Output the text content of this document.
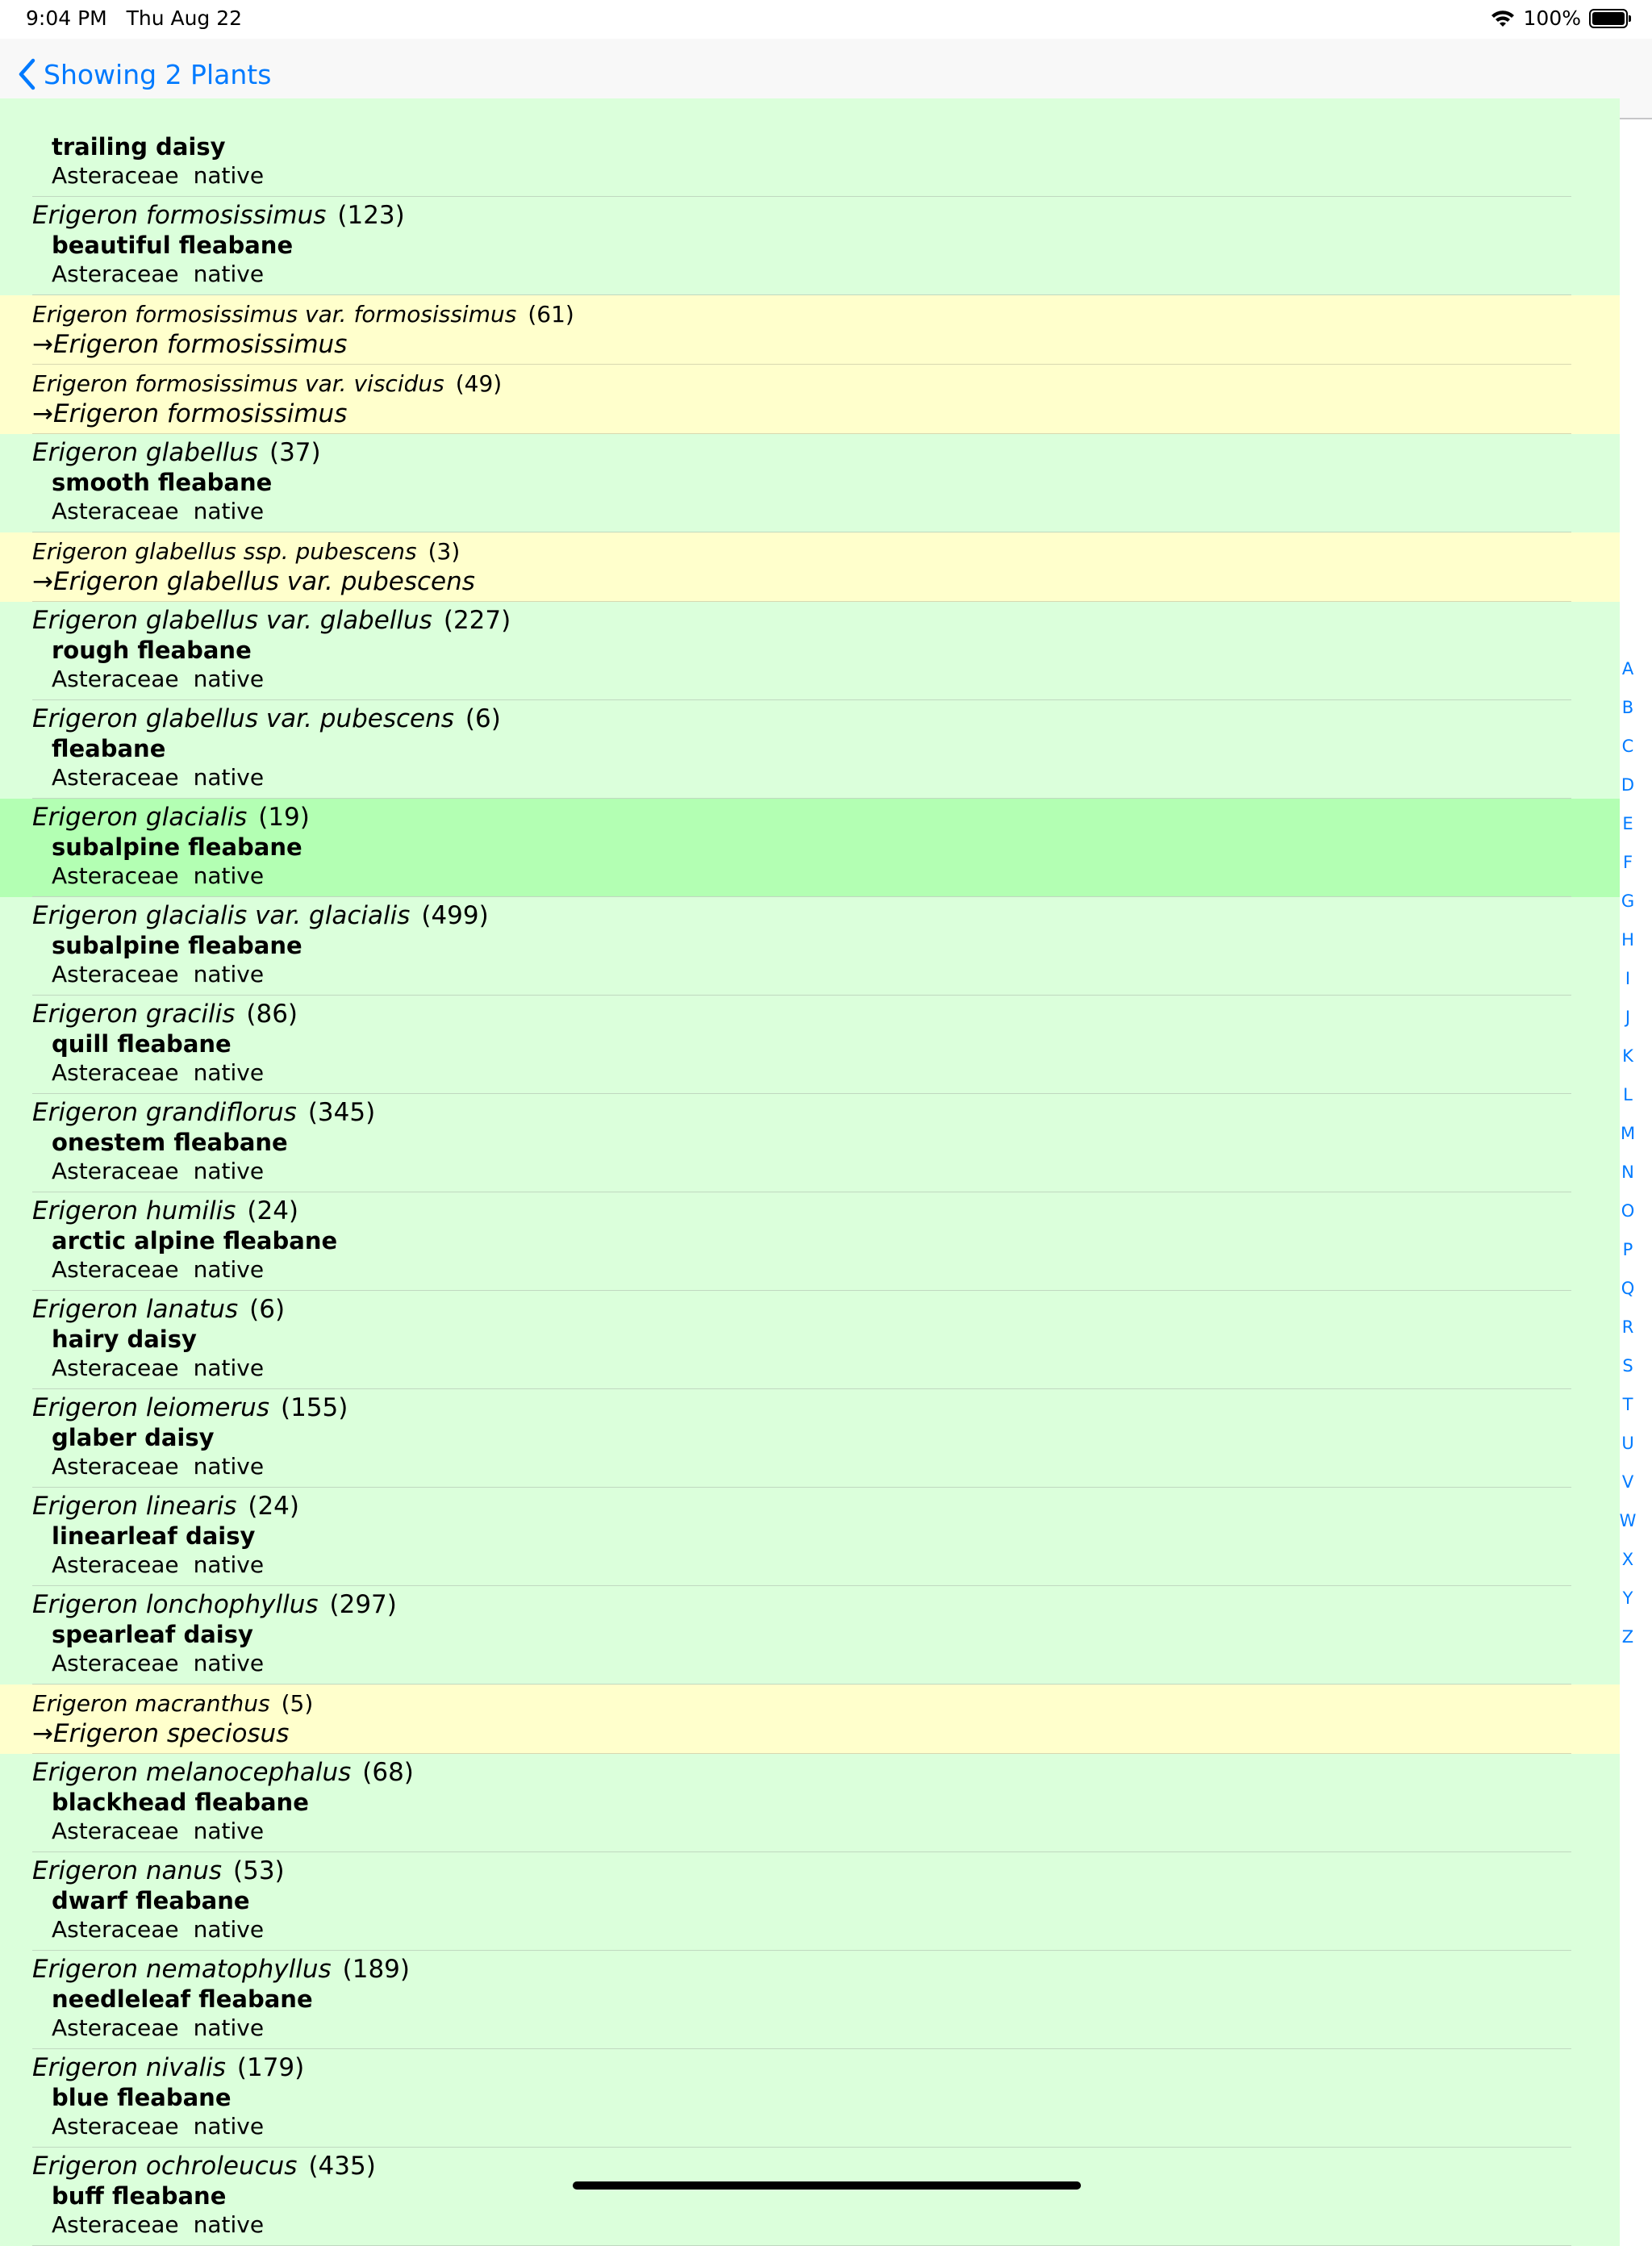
9:04 PM Thu Aug 22	100%
Showing 2 Plants
trailing daisy
Asteraceae native
Erigeron formosissimus (123)
beautiful fleabane
Asteraceae native
Erigeron formosissimus var. formosissimus (61)
→Erigeron formosissimus
Erigeron formosissimus var. viscidus (49)
→Erigeron formosissimus
Erigeron glabellus (37)
smooth fleabane
Asteraceae native
Erigeron glabellus ssp. pubescens (3)
→Erigeron glabellus var. pubescens
Erigeron glabellus var. glabellus (227)
rough fleabane
Asteraceae native
Erigeron glabellus var. pubescens (6)
fleabane
Asteraceae native
Erigeron glacialis (19)
subalpine fleabane
Asteraceae native
Erigeron glacialis var. glacialis (499)
subalpine fleabane
Asteraceae native
Erigeron gracilis (86)
quill fleabane
Asteraceae native
Erigeron grandiflorus (345)
onestem fleabane
Asteraceae native
Erigeron humilis (24)
arctic alpine fleabane
Asteraceae native
Erigeron lanatus (6)
hairy daisy
Asteraceae native
Erigeron leiomerus (155)
glaber daisy
Asteraceae native
Erigeron linearis (24)
linearleaf daisy
Asteraceae native
Erigeron lonchophyllus (297)
spearleaf daisy
Asteraceae native
Erigeron macranthus (5)
→Erigeron speciosus
Erigeron melanocephalus (68)
blackhead fleabane
Asteraceae native
Erigeron nanus (53)
dwarf fleabane
Asteraceae native
Erigeron nematophyllus (189)
needleleaf fleabane
Asteraceae native
Erigeron nivalis (179)
blue fleabane
Asteraceae native
Erigeron ochroleucus (435)
buff fleabane
Asteraceae native
A
B
C
D
E
F
G
H
I
J
K
L
M
N
O
P
Q
R
S
T
U
V
W
X
Y
Z
